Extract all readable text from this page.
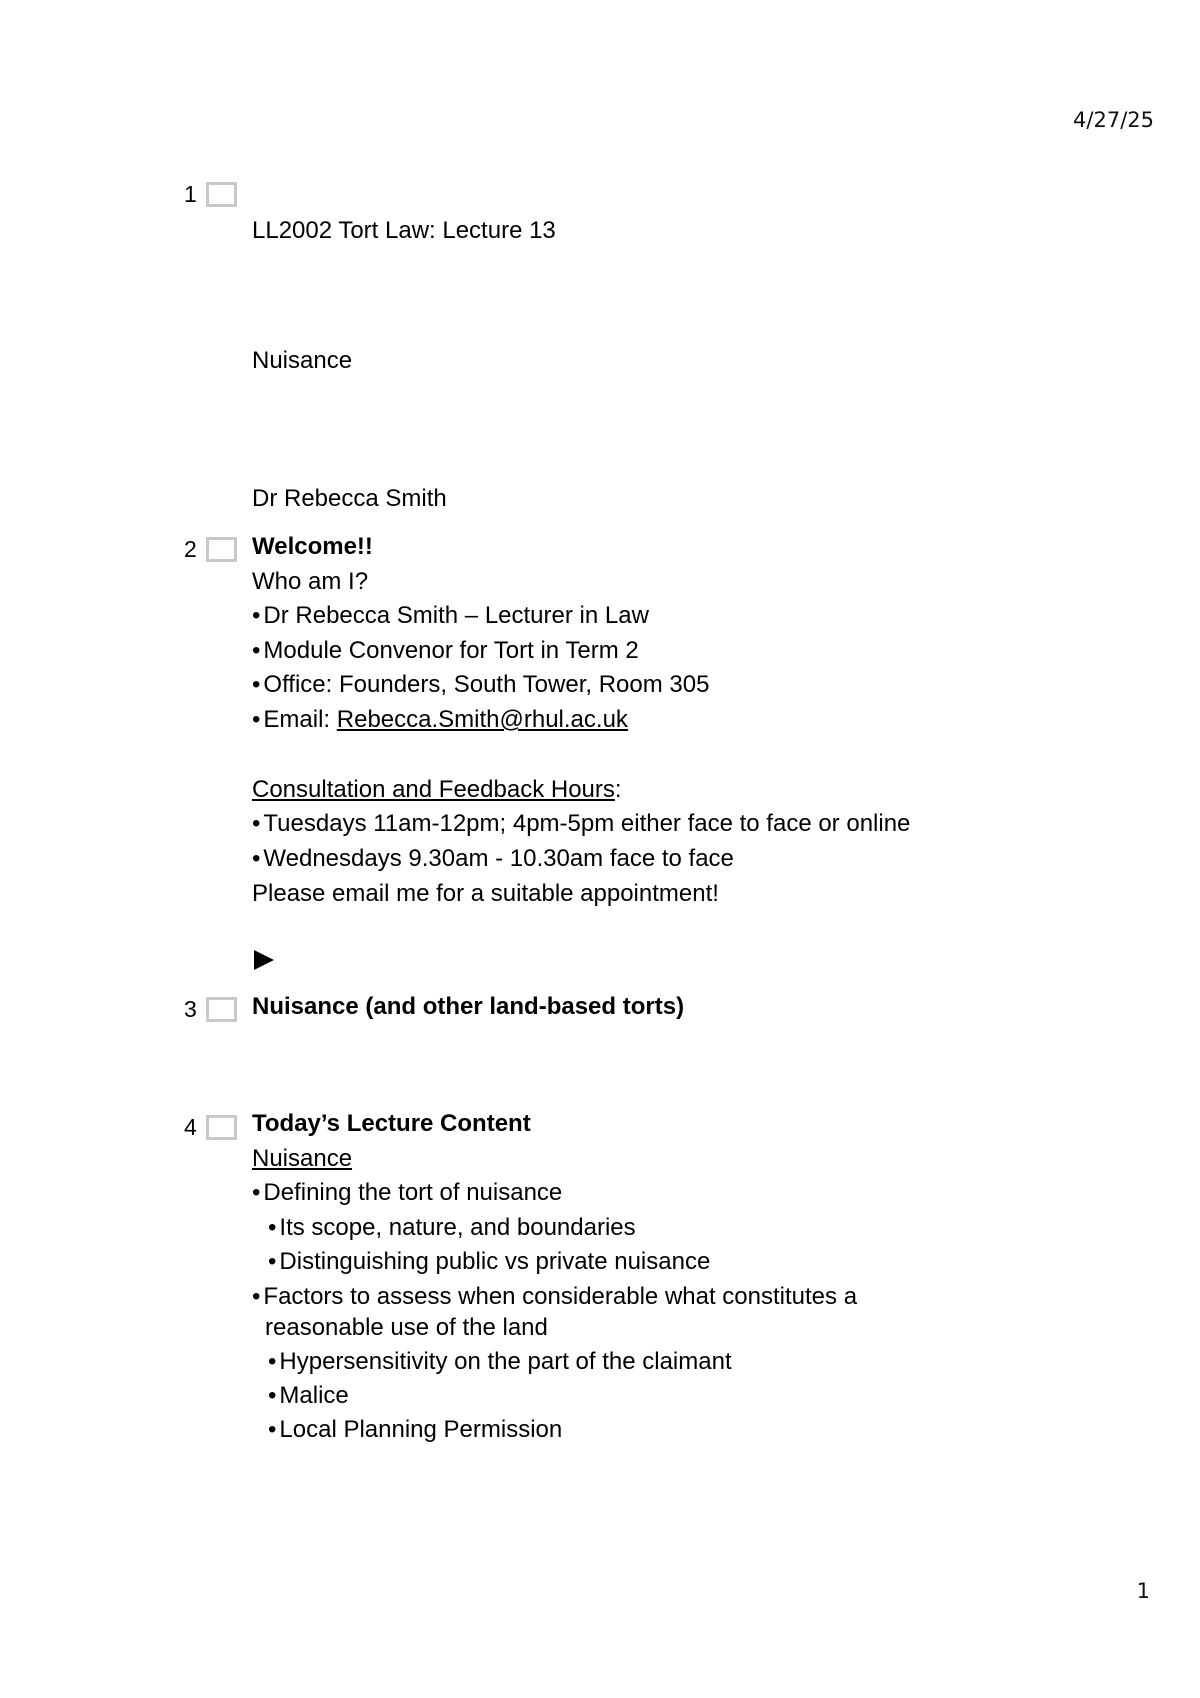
4/27/25
1
LL2002 Tort Law: Lecture 13
Nuisance
Dr Rebecca Smith
2	Welcome!!
Who am I?
• Dr Rebecca Smith – Lecturer in Law
• Module Convenor for Tort in Term 2
• Office: Founders, South Tower, Room 305
• Email: Rebecca.Smith@rhul.ac.uk
Consultation and Feedback Hours:
• Tuesdays 11am-12pm; 4pm-5pm either face to face or online
• Wednesdays 9.30am - 10.30am face to face
Please email me for a suitable appointment!
3	Nuisance (and other land-based torts)
4	Today’s Lecture Content
Nuisance
• Defining the tort of nuisance
• Its scope, nature, and boundaries
• Distinguishing public vs private nuisance
• Factors to assess when considerable what constitutes a
reasonable use of the land
• Hypersensitivity on the part of the claimant
• Malice
• Local Planning Permission
1
